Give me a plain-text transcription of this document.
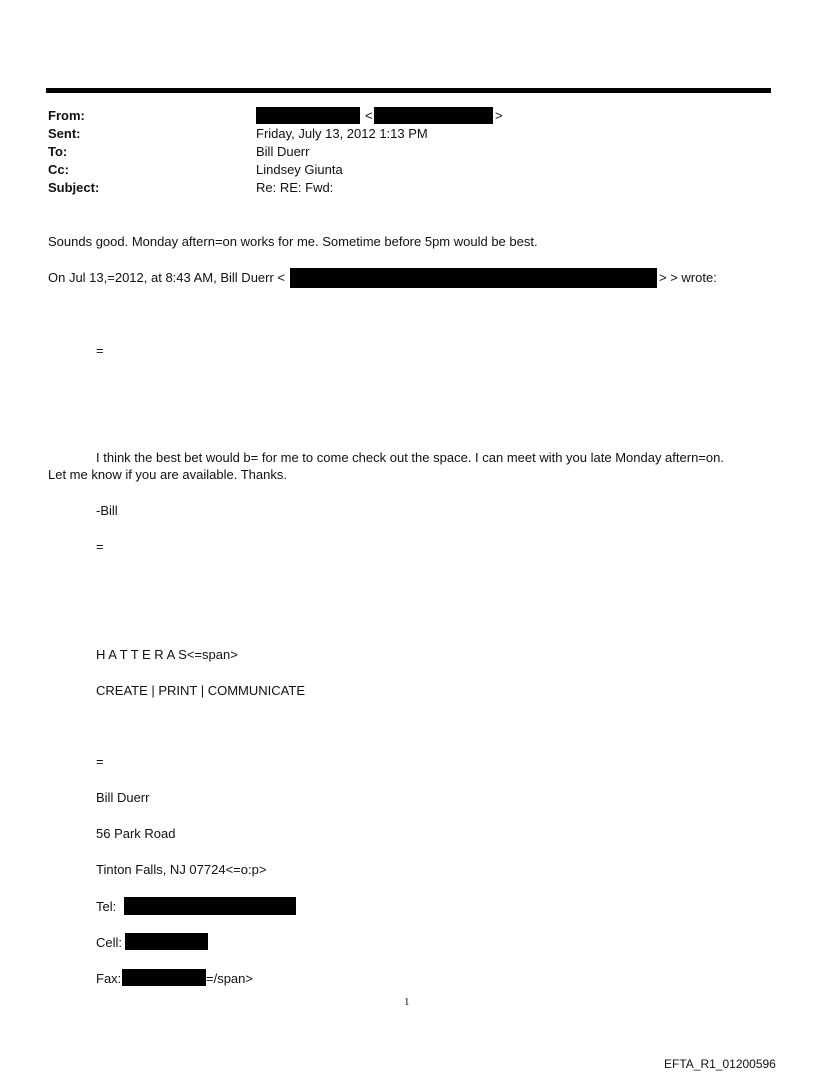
From:	<	>
Sent:	Friday, July 13, 2012 1:13 PM
To:	Bill Duerr
Cc:	Lindsey Giunta
Subject:	Re: RE: Fwd:
Sounds good. Monday aftern=on works for me. Sometime before 5pm would be best.
On Jul 13,=2012, at 8:43 AM, Bill Duerr <	> > wrote:
=
I think the best bet would b= for me to come check out the space. I can meet with you late Monday aftern=on.
Let me know if you are available. Thanks.
-Bill
=
H A T T E R A S<=span>
CREATE | PRINT | COMMUNICATE
=
Bill Duerr
56 Park Road
Tinton Falls, NJ 07724<=o:p>
Tel:
Cell:
Fax:	=/span>
1
EFTA_R1_01200596
